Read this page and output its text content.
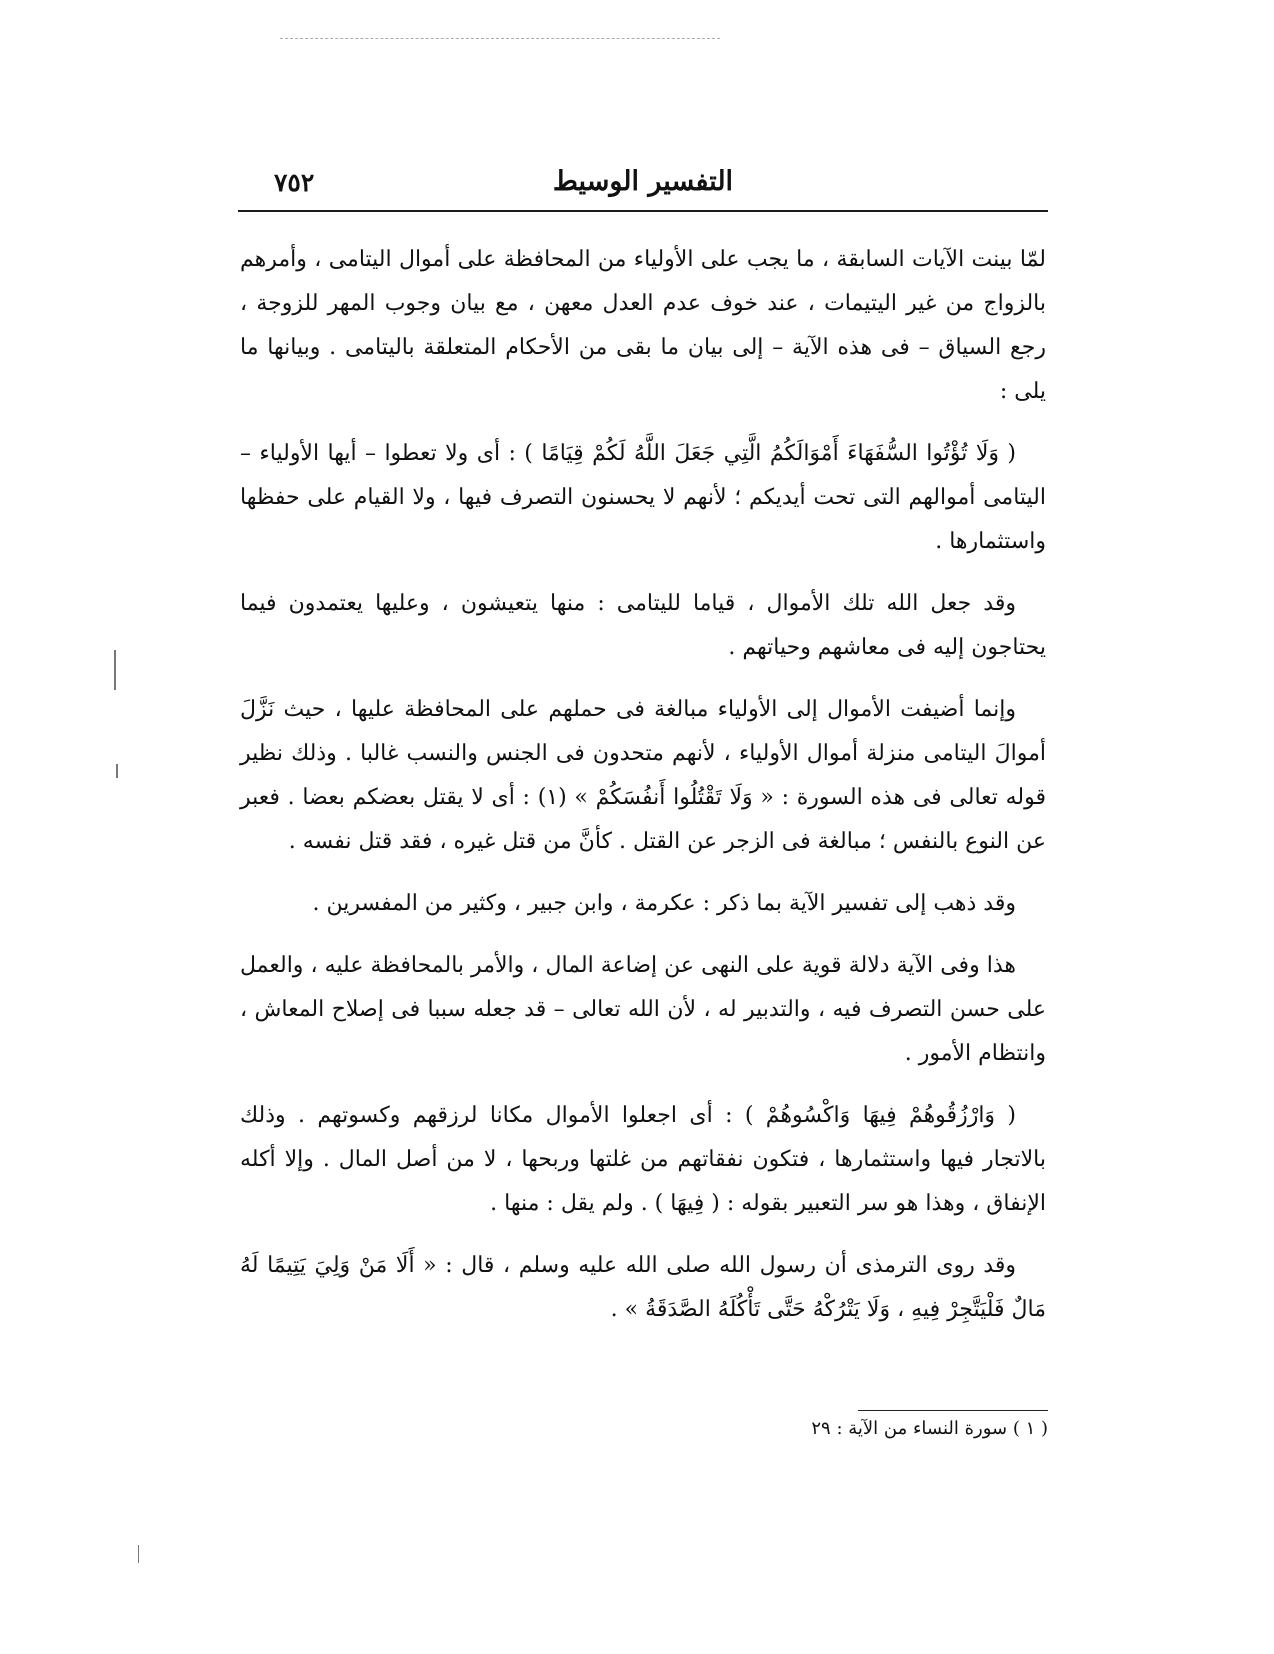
التفسير الوسيط
٧٥٢

لمّا بينت الآيات السابقة ، ما يجب على الأولياء من المحافظة على أموال اليتامى ، وأمرهم بالزواج من غير اليتيمات ، عند خوف عدم العدل معهن ، مع بيان وجوب المهر للزوجة ، رجع السياق – فى هذه الآية – إلى بيان ما بقى من الأحكام المتعلقة باليتامى . وبيانها ما يلى :

( وَلَا تُؤْتُوا السُّفَهَاءَ أَمْوَالَكُمُ الَّتِي جَعَلَ اللَّهُ لَكُمْ قِيَامًا ) : أى ولا تعطوا – أيها الأولياء – اليتامى أموالهم التى تحت أيديكم ؛ لأنهم لا يحسنون التصرف فيها ، ولا القيام على حفظها واستثمارها .

وقد جعل الله تلك الأموال ، قياما لليتامى : منها يتعيشون ، وعليها يعتمدون فيما يحتاجون إليه فى معاشهم وحياتهم .

وإنما أضيفت الأموال إلى الأولياء مبالغة فى حملهم على المحافظة عليها ، حيث نَزَّلَ أموالَ اليتامى منزلة أموال الأولياء ، لأنهم متحدون فى الجنس والنسب غالبا . وذلك نظير قوله تعالى فى هذه السورة : « وَلَا تَقْتُلُوا أَنفُسَكُمْ » (١) : أى لا يقتل بعضكم بعضا . فعبر عن النوع بالنفس ؛ مبالغة فى الزجر عن القتل . كأنَّ من قتل غيره ، فقد قتل نفسه .

وقد ذهب إلى تفسير الآية بما ذكر : عكرمة ، وابن جبير ، وكثير من المفسرين .

هذا وفى الآية دلالة قوية على النهى عن إضاعة المال ، والأمر بالمحافظة عليه ، والعمل على حسن التصرف فيه ، والتدبير له ، لأن الله تعالى – قد جعله سببا فى إصلاح المعاش ، وانتظام الأمور .

( وَارْزُقُوهُمْ فِيهَا وَاكْسُوهُمْ ) : أى اجعلوا الأموال مكانا لرزقهم وكسوتهم . وذلك بالاتجار فيها واستثمارها ، فتكون نفقاتهم من غلتها وربحها ، لا من أصل المال . وإلا أكله الإنفاق ، وهذا هو سر التعبير بقوله : ( فِيهَا ) . ولم يقل : منها .

وقد روى الترمذى أن رسول الله صلى الله عليه وسلم ، قال : « أَلَا مَنْ وَلِيَ يَتِيمًا لَهُ مَالٌ فَلْيَتَّجِرْ فِيهِ ، وَلَا يَتْرُكْهُ حَتَّى تَأْكُلَهُ الصَّدَقَةُ » .

( ١ ) سورة النساء من الآية : ٢٩
